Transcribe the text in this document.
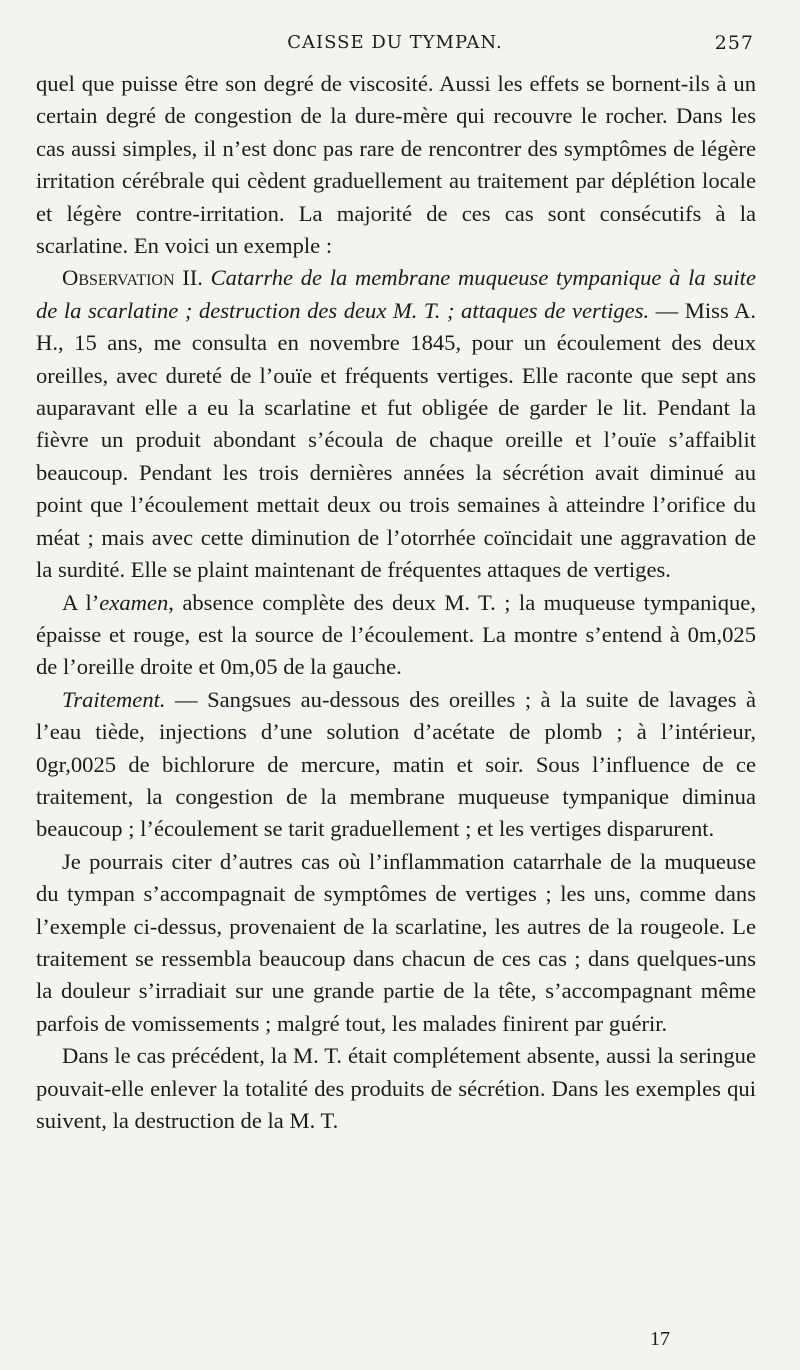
CAISSE DU TYMPAN.	257

quel que puisse être son degré de viscosité. Aussi les effets se bornent-ils à un certain degré de congestion de la dure-mère qui recouvre le rocher. Dans les cas aussi simples, il n’est donc pas rare de rencontrer des symptômes de légère irritation cérébrale qui cèdent graduellement au traitement par déplétion locale et légère contre-irritation. La majorité de ces cas sont consécutifs à la scarlatine. En voici un exemple :

Observation II. Catarrhe de la membrane muqueuse tympanique à la suite de la scarlatine ; destruction des deux M. T. ; attaques de vertiges. — Miss A. H., 15 ans, me consulta en novembre 1845, pour un écoulement des deux oreilles, avec dureté de l’ouïe et fréquents vertiges. Elle raconte que sept ans auparavant elle a eu la scarlatine et fut obligée de garder le lit. Pendant la fièvre un produit abondant s’écoula de chaque oreille et l’ouïe s’affaiblit beaucoup. Pendant les trois dernières années la sécrétion avait diminué au point que l’écoulement mettait deux ou trois semaines à atteindre l’orifice du méat ; mais avec cette diminution de l’otorrhée coïncidait une aggravation de la surdité. Elle se plaint maintenant de fréquentes attaques de vertiges.

A l’examen, absence complète des deux M. T. ; la muqueuse tympanique, épaisse et rouge, est la source de l’écoulement. La montre s’entend à 0m,025 de l’oreille droite et 0m,05 de la gauche.

Traitement. — Sangsues au-dessous des oreilles ; à la suite de lavages à l’eau tiède, injections d’une solution d’acétate de plomb ; à l’intérieur, 0gr,0025 de bichlorure de mercure, matin et soir. Sous l’influence de ce traitement, la congestion de la membrane muqueuse tympanique diminua beaucoup ; l’écoulement se tarit graduellement ; et les vertiges disparurent.

Je pourrais citer d’autres cas où l’inflammation catarrhale de la muqueuse du tympan s’accompagnait de symptômes de vertiges ; les uns, comme dans l’exemple ci-dessus, provenaient de la scarlatine, les autres de la rougeole. Le traitement se ressembla beaucoup dans chacun de ces cas ; dans quelques-uns la douleur s’irradiait sur une grande partie de la tête, s’accompagnant même parfois de vomissements ; malgré tout, les malades finirent par guérir.

Dans le cas précédent, la M. T. était complétement absente, aussi la seringue pouvait-elle enlever la totalité des produits de sécrétion. Dans les exemples qui suivent, la destruction de la M. T.

17
